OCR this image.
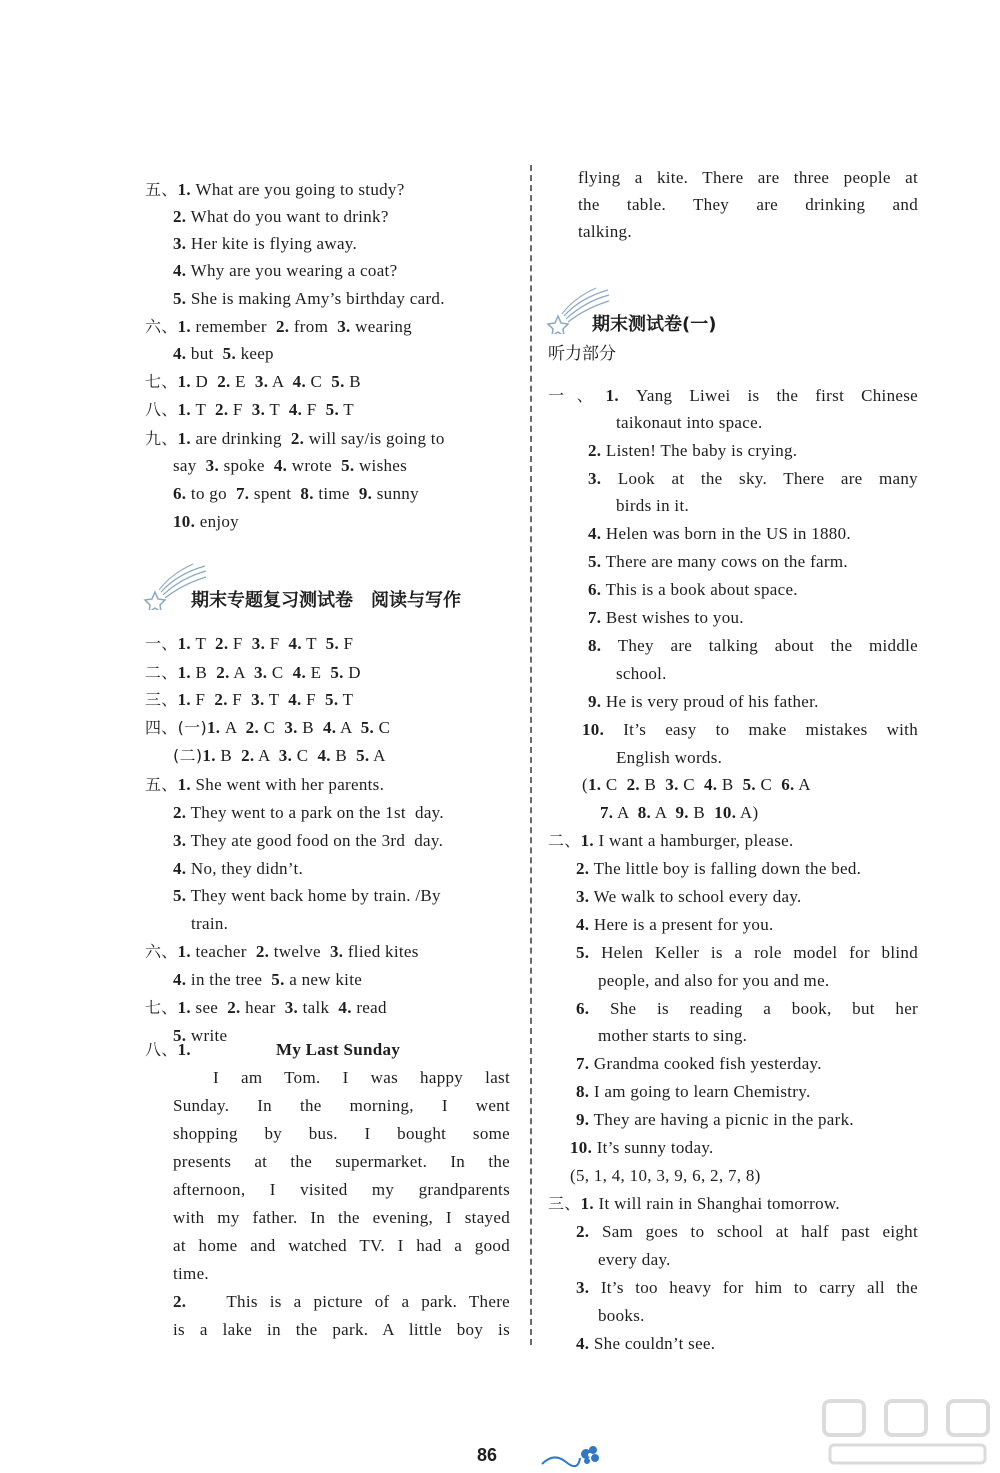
五、1. What are you going to study?
2. What do you want to drink?
3. Her kite is flying away.
4. Why are you wearing a coat?
5. She is making Amy’s birthday card.
六、1. remember  2. from  3. wearing
4. but  5. keep
七、1. D  2. E  3. A  4. C  5. B
八、1. T  2. F  3. T  4. F  5. T
九、1. are drinking  2. will say/is going to
say  3. spoke  4. wrote  5. wishes
6. to go  7. spent  8. time  9. sunny
10. enjoy
期末专题复习测试卷　阅读与写作
一、1. T  2. F  3. F  4. T  5. F
二、1. B  2. A  3. C  4. E  5. D
三、1. F  2. F  3. T  4. F  5. T
四、(一)1. A  2. C  3. B  4. A  5. C
(二)1. B  2. A  3. C  4. B  5. A
五、1. She went with her parents.
2. They went to a park on the 1st  day.
3. They ate good food on the 3rd  day.
4. No, they didn’t.
5. They went back home by train. /By
train.
六、1. teacher  2. twelve  3. flied kites
4. in the tree  5. a new kite
七、1. see  2. hear  3. talk  4. read
5. write
八、1.	My Last Sunday
I am Tom. I was happy last
Sunday. In the morning, I went
shopping by bus. I bought some
presents at the supermarket. In the
afternoon, I visited my grandparents
with my father. In the evening, I stayed
at home and watched TV. I had a good
time.
2. This is a picture of a park. There
is a lake in the park. A little boy is
flying a kite. There are three people at
the table. They are drinking and
talking.
期末测试卷(一)
听力部分
一、1. Yang Liwei is the first Chinese
taikonaut into space.
2. Listen! The baby is crying.
3. Look at the sky. There are many
birds in it.
4. Helen was born in the US in 1880.
5. There are many cows on the farm.
6. This is a book about space.
7. Best wishes to you.
8. They are talking about the middle
school.
9. He is very proud of his father.
10. It’s easy to make mistakes with
English words.
(1. C  2. B  3. C  4. B  5. C  6. A
7. A  8. A  9. B  10. A)
二、1. I want a hamburger, please.
2. The little boy is falling down the bed.
3. We walk to school every day.
4. Here is a present for you.
5. Helen Keller is a role model for blind
people, and also for you and me.
6. She is reading a book, but her
mother starts to sing.
7. Grandma cooked fish yesterday.
8. I am going to learn Chemistry.
9. They are having a picnic in the park.
10. It’s sunny today.
(5, 1, 4, 10, 3, 9, 6, 2, 7, 8)
三、1. It will rain in Shanghai tomorrow.
2. Sam goes to school at half past eight
every day.
3. It’s too heavy for him to carry all the
books.
4. She couldn’t see.
86
